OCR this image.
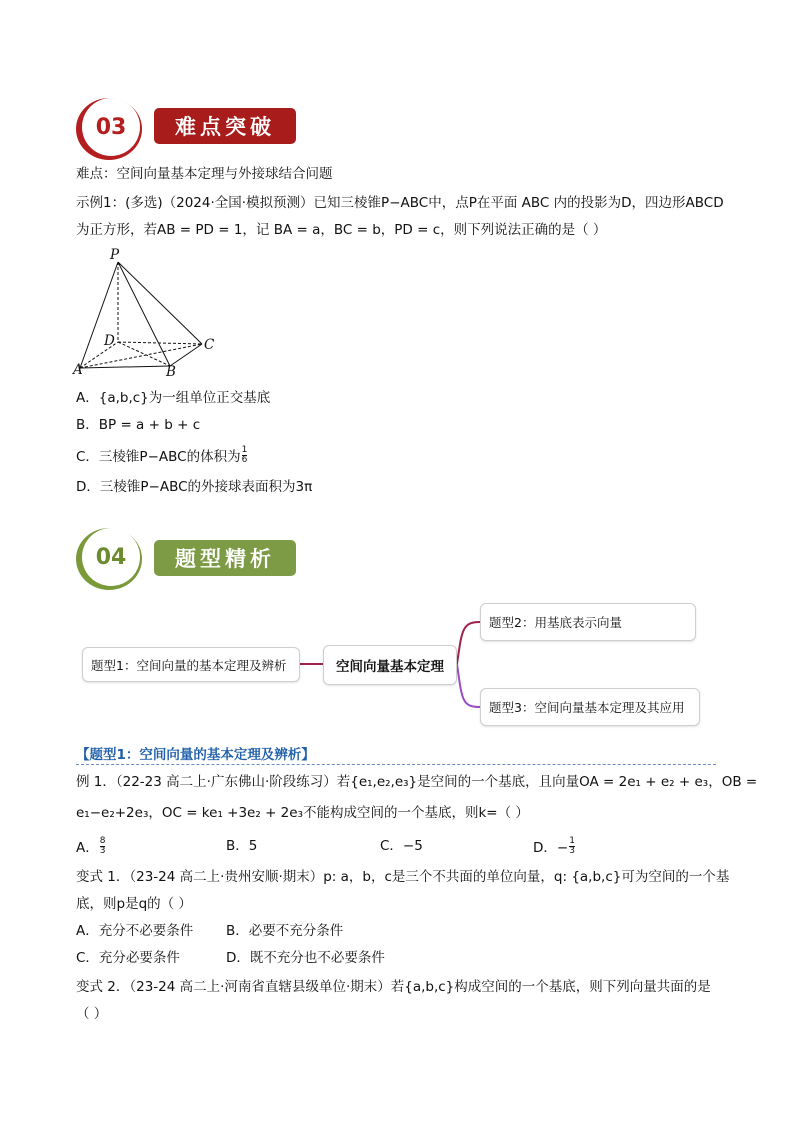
03	难点突破
难点：空间向量基本定理与外接球结合问题
示例1：(多选)（2024·全国·模拟预测）已知三棱锥P−ABC中，点P在平面 ABC 内的投影为D，四边形ABCD
为正方形，若AB = PD = 1，记 BA = a，BC = b，PD = c，则下列说法正确的是（ ）
P
D	C
A	B
A．{a,b,c}为一组单位正交基底
B．BP = a + b + c
C．三棱锥P−ABC的体积为 $\frac{1}{6}$
D．三棱锥P−ABC的外接球表面积为3π
04	题型精析
题型1：空间向量的基本定理及辨析	空间向量基本定理
题型2：用基底表示向量
题型3：空间向量基本定理及其应用
【题型1：空间向量的基本定理及辨析】
例 1．（22-23 高二上·广东佛山·阶段练习）若{e₁,e₂,e₃}是空间的一个基底，且向量OA = 2e₁ + e₂ + e₃，OB =
e₁−e₂+2e₃，OC = ke₁ +3e₂ + 2e₃不能构成空间的一个基底，则k=（ ）
A． $\frac{8}{3}$	B．5	C．−5	D．− $\frac{1}{3}$
变式 1．（23-24 高二上·贵州安顺·期末）p: a，b，c是三个不共面的单位向量，q: {a,b,c}可为空间的一个基
底，则p是q的（ ）
A．充分不必要条件 B．必要不充分条件
C．充分必要条件	D．既不充分也不必要条件
变式 2．（23-24 高二上·河南省直辖县级单位·期末）若{a,b,c}构成空间的一个基底，则下列向量共面的是
（ ）
